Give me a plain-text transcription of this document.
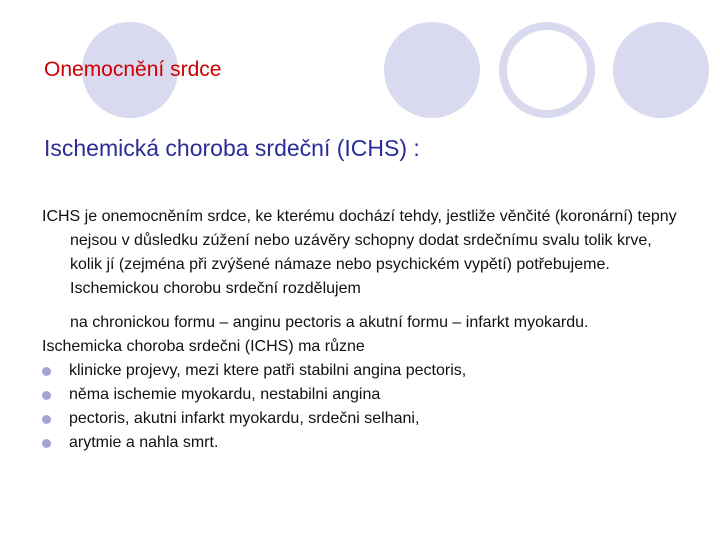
Onemocnění srdce
Ischemická choroba srdeční (ICHS) :

ICHS je onemocněním srdce, ke kterému dochází tehdy, jestliže věnčité (koronární) tepny nejsou v důsledku zúžení nebo uzávěry schopny dodat srdečnímu svalu tolik krve, kolik jí (zejména při zvýšené námaze nebo psychickém vypětí) potřebujeme. Ischemickou chorobu srdeční rozdělujem

na chronickou formu – anginu pectoris a akutní formu – infarkt myokardu.

Ischemicka choroba srdečni (ICHS) ma různe

klinicke projevy, mezi ktere patři stabilni angina pectoris,
něma ischemie myokardu, nestabilni angina
pectoris, akutni infarkt myokardu, srdečni selhani,
arytmie a nahla smrt.
